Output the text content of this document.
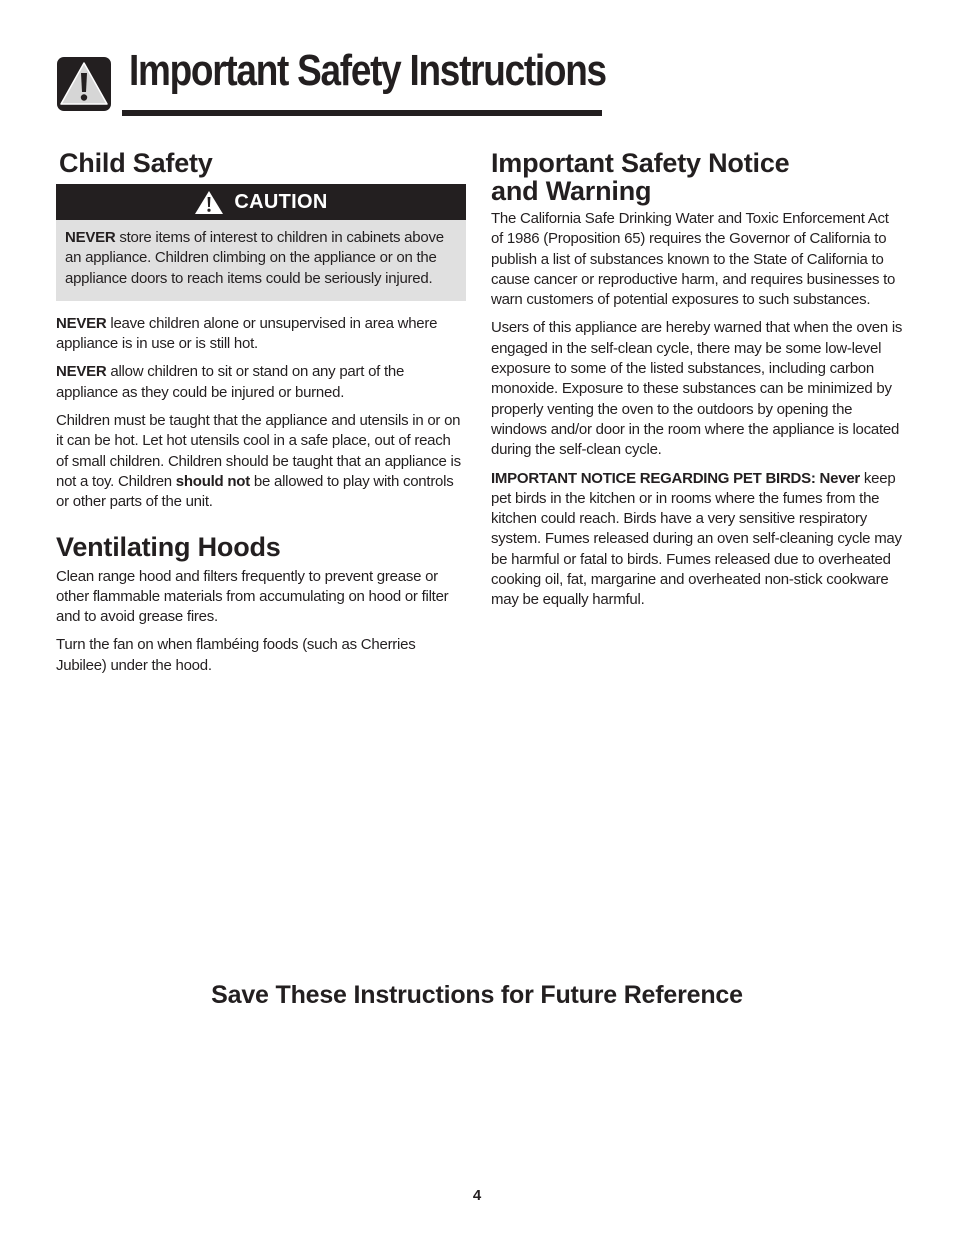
Important Safety Instructions
Child Safety
CAUTION

NEVER store items of interest to children in cabinets above an appliance. Children climbing on the appliance or on the appliance doors to reach items could be seriously injured.

NEVER leave children alone or unsupervised in area where appliance is in use or is still hot.

NEVER allow children to sit or stand on any part of the appliance as they could be injured or burned.

Children must be taught that the appliance and utensils in or on it can be hot. Let hot utensils cool in a safe place, out of reach of small children. Children should be taught that an appliance is not a toy. Children should not be allowed to play with controls or other parts of the unit.

Ventilating Hoods

Clean range hood and filters frequently to prevent grease or other flammable materials from accumulating on hood or filter and to avoid grease fires.

Turn the fan on when flambéing foods (such as Cherries Jubilee) under the hood.

Important Safety Notice
and Warning

The California Safe Drinking Water and Toxic Enforcement Act of 1986 (Proposition 65) requires the Governor of California to publish a list of substances known to the State of California to cause cancer or reproductive harm, and requires businesses to warn customers of potential exposures to such substances.

Users of this appliance are hereby warned that when the oven is engaged in the self-clean cycle, there may be some low-level exposure to some of the listed substances, including carbon monoxide. Exposure to these substances can be minimized by properly venting the oven to the outdoors by opening the windows and/or door in the room where the appliance is located during the self-clean cycle.

IMPORTANT NOTICE REGARDING PET BIRDS: Never keep pet birds in the kitchen or in rooms where the fumes from the kitchen could reach. Birds have a very sensitive respiratory system. Fumes released during an oven self-cleaning cycle may be harmful or fatal to birds. Fumes released due to overheated cooking oil, fat, margarine and overheated non-stick cookware may be equally harmful.

Save These Instructions for Future Reference
4
